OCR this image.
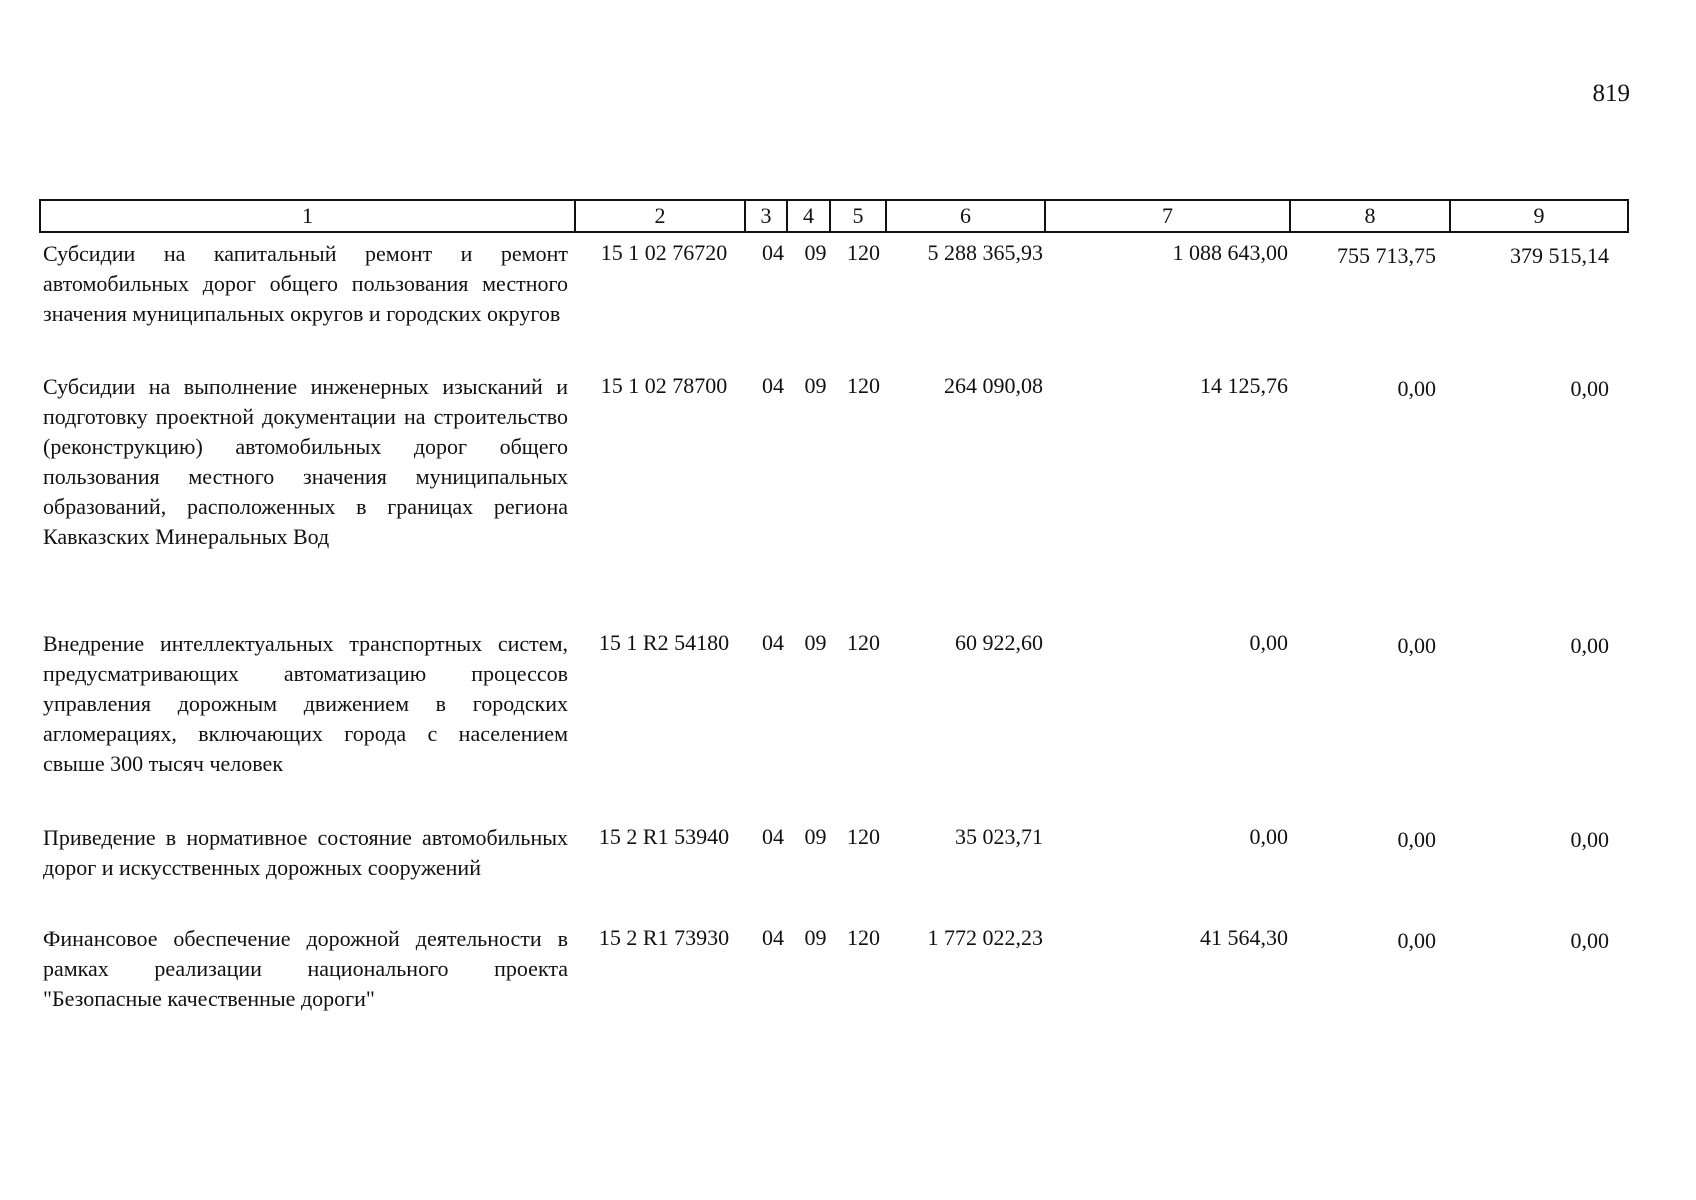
819
1	2	3	4	5	6	7	8	9
Субсидии на капитальный ремонт и ремонт автомобильных дорог общего пользования местного значения муниципальных округов и городских округов	15 1 02 76720	04	09	120	5 288 365,93	1 088 643,00	755 713,75	379 515,14
Субсидии на выполнение инженерных изысканий и подготовку проектной документации на строительство (реконструкцию) автомобильных дорог общего пользования местного значения муниципальных образований, расположенных в границах региона Кавказских Минеральных Вод	15 1 02 78700	04	09	120	264 090,08	14 125,76	0,00	0,00
Внедрение интеллектуальных транспортных систем, предусматривающих автоматизацию процессов управления дорожным движением в городских агломерациях, включающих города с населением свыше 300 тысяч человек	15 1 R2 54180	04	09	120	60 922,60	0,00	0,00	0,00
Приведение в нормативное состояние автомобильных дорог и искусственных дорожных сооружений	15 2 R1 53940	04	09	120	35 023,71	0,00	0,00	0,00
Финансовое обеспечение дорожной деятельности в рамках реализации национального проекта "Безопасные качественные дороги"	15 2 R1 73930	04	09	120	1 772 022,23	41 564,30	0,00	0,00
